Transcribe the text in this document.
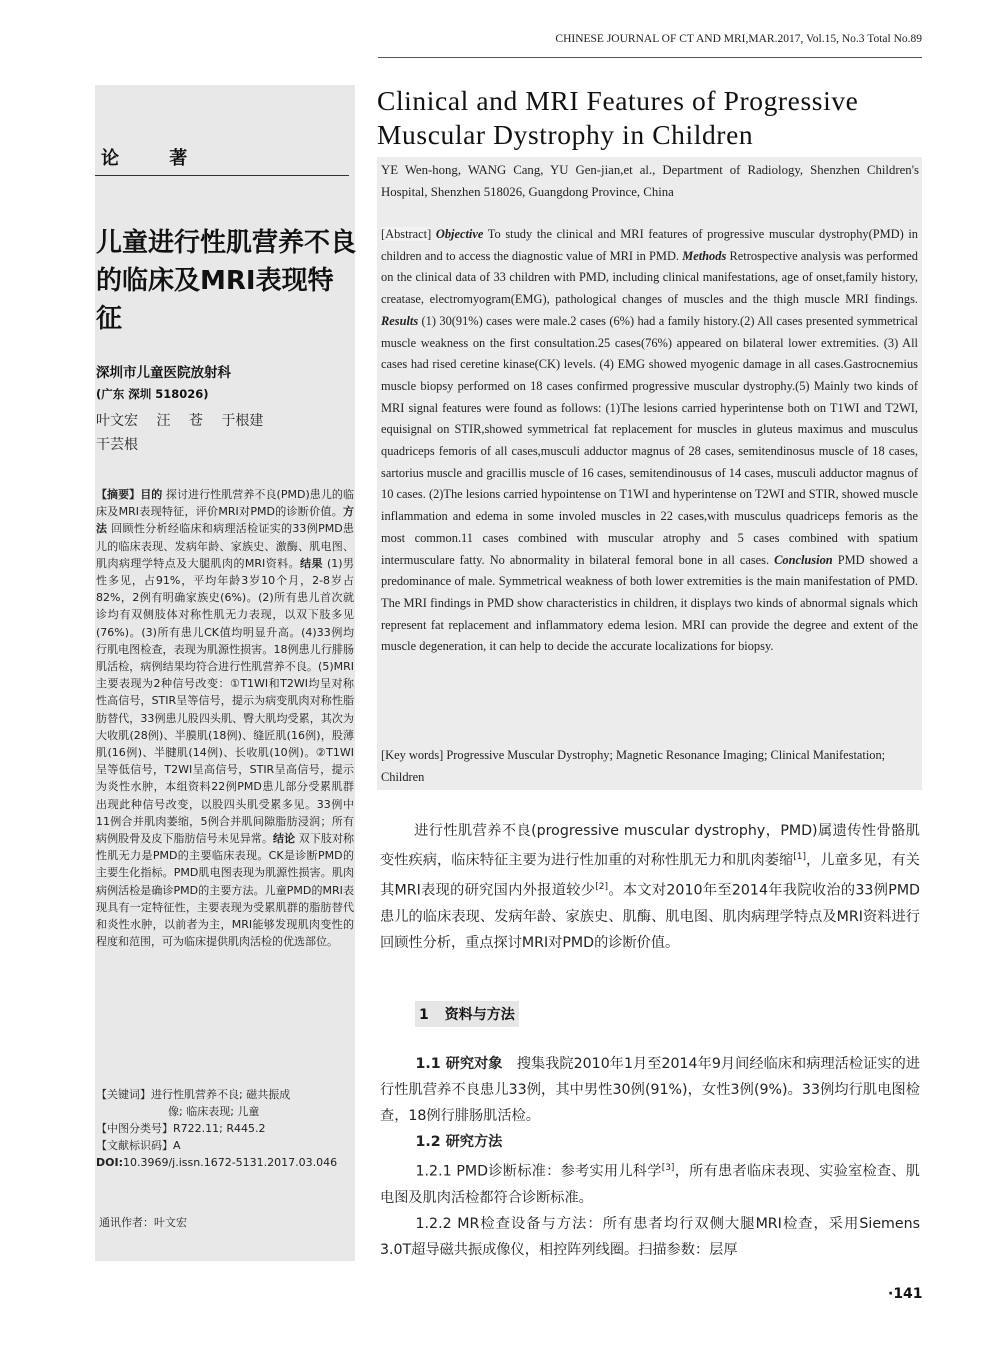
CHINESE JOURNAL OF CT AND MRI,MAR.2017, Vol.15, No.3 Total No.89
论 著
儿童进行性肌营养不良的临床及MRI表现特征
深圳市儿童医院放射科
(广东 深圳 518026)
叶文宏 汪 苍 于根建
干芸根
【摘要】目的 探讨进行性肌营养不良(PMD)患儿的临床及MRI表现特征，评价MRI对PMD的诊断价值。方法 回顾性分析经临床和病理活检证实的33例PMD患儿的临床表现、发病年龄、家族史、激酶、肌电图、肌肉病理学特点及大腿肌肉的MRI资料。结果 (1)男性多见，占91%，平均年龄3岁10个月，2-8岁占82%，2例有明确家族史(6%)。(2)所有患儿首次就诊均有双侧肢体对称性肌无力表现，以双下肢多见(76%)。(3)所有患儿CK值均明显升高。(4)33例均行肌电图检查，表现为肌源性损害。18例患儿行腓肠肌活检，病例结果均符合进行性肌营养不良。(5)MRI主要表现为2种信号改变：①T1WI和T2WI均呈对称性高信号，STIR呈等信号，提示为病变肌肉对称性脂肪替代，33例患儿股四头肌、臀大肌均受累，其次为大收肌(28例)、半膜肌(18例)、缝匠肌(16例)，股薄肌(16例)、半腱肌(14例)、长收肌(10例)。②T1WI呈等低信号，T2WI呈高信号，STIR呈高信号，提示为炎性水肿，本组资料22例PMD患儿部分受累肌群出现此种信号改变，以股四头肌受累多见。33例中11例合并肌肉萎缩，5例合并肌间隙脂肪浸润；所有病例股骨及皮下脂肪信号未见异常。结论 双下肢对称性肌无力是PMD的主要临床表现。CK是诊断PMD的主要生化指标。PMD肌电图表现为肌源性损害。肌肉病例活检是确诊PMD的主要方法。儿童PMD的MRI表现具有一定特征性，主要表现为受累肌群的脂肪替代和炎性水肿，以前者为主，MRI能够发现肌肉变性的程度和范围，可为临床提供肌肉活检的优选部位。
【关键词】进行性肌营养不良; 磁共振成
像; 临床表现; 儿童
【中图分类号】R722.11; R445.2
【文献标识码】A
DOI:10.3969/j.issn.1672-5131.2017.03.046
通讯作者：叶文宏
Clinical and MRI Features of Progressive Muscular Dystrophy in Children
YE Wen-hong, WANG Cang, YU Gen-jian,et al., Department of Radiology, Shenzhen Children's Hospital, Shenzhen 518026, Guangdong Province, China
[Abstract] Objective To study the clinical and MRI features of progressive muscular dystrophy(PMD) in children and to access the diagnostic value of MRI in PMD. Methods Retrospective analysis was performed on the clinical data of 33 children with PMD, including clinical manifestations, age of onset,family history, creatase, electromyogram(EMG), pathological changes of muscles and the thigh muscle MRI findings. Results (1) 30(91%) cases were male.2 cases (6%) had a family history.(2) All cases presented symmetrical muscle weakness on the first consultation.25 cases(76%) appeared on bilateral lower extremities. (3) All cases had rised ceretine kinase(CK) levels. (4) EMG showed myogenic damage in all cases.Gastrocnemius muscle biopsy performed on 18 cases confirmed progressive muscular dystrophy.(5) Mainly two kinds of MRI signal features were found as follows: (1)The lesions carried hyperintense both on T1WI and T2WI, equisignal on STIR,showed symmetrical fat replacement for muscles in gluteus maximus and musculus quadriceps femoris of all cases,musculi adductor magnus of 28 cases, semitendinosus muscle of 18 cases, sartorius muscle and gracillis muscle of 16 cases, semitendinousus of 14 cases, musculi adductor magnus of 10 cases. (2)The lesions carried hypointense on T1WI and hyperintense on T2WI and STIR, showed muscle inflammation and edema in some involed muscles in 22 cases,with musculus quadriceps femoris as the most common.11 cases combined with muscular atrophy and 5 cases combined with spatium intermusculare fatty. No abnormality in bilateral femoral bone in all cases. Conclusion PMD showed a predominance of male. Symmetrical weakness of both lower extremities is the main manifestation of PMD. The MRI findings in PMD show characteristics in children, it displays two kinds of abnormal signals which represent fat replacement and inflammatory edema lesion. MRI can provide the degree and extent of the muscle degeneration, it can help to decide the accurate localizations for biopsy.
[Key words] Progressive Muscular Dystrophy; Magnetic Resonance Imaging; Clinical Manifestation; Children
进行性肌营养不良(progressive muscular dystrophy，PMD)属遗传性骨骼肌变性疾病，临床特征主要为进行性加重的对称性肌无力和肌肉萎缩[1]，儿童多见，有关其MRI表现的研究国内外报道较少[2]。本文对2010年至2014年我院收治的33例PMD患儿的临床表现、发病年龄、家族史、肌酶、肌电图、肌肉病理学特点及MRI资料进行回顾性分析，重点探讨MRI对PMD的诊断价值。
1 资料与方法
1.1 研究对象　搜集我院2010年1月至2014年9月间经临床和病理活检证实的进行性肌营养不良患儿33例，其中男性30例(91%)，女性3例(9%)。33例均行肌电图检查，18例行腓肠肌活检。
1.2 研究方法
1.2.1 PMD诊断标准：参考实用儿科学[3]，所有患者临床表现、实验室检查、肌电图及肌肉活检都符合诊断标准。
1.2.2 MR检查设备与方法：所有患者均行双侧大腿MRI检查，采用Siemens 3.0T超导磁共振成像仪，相控阵列线圈。扫描参数：层厚
·141
